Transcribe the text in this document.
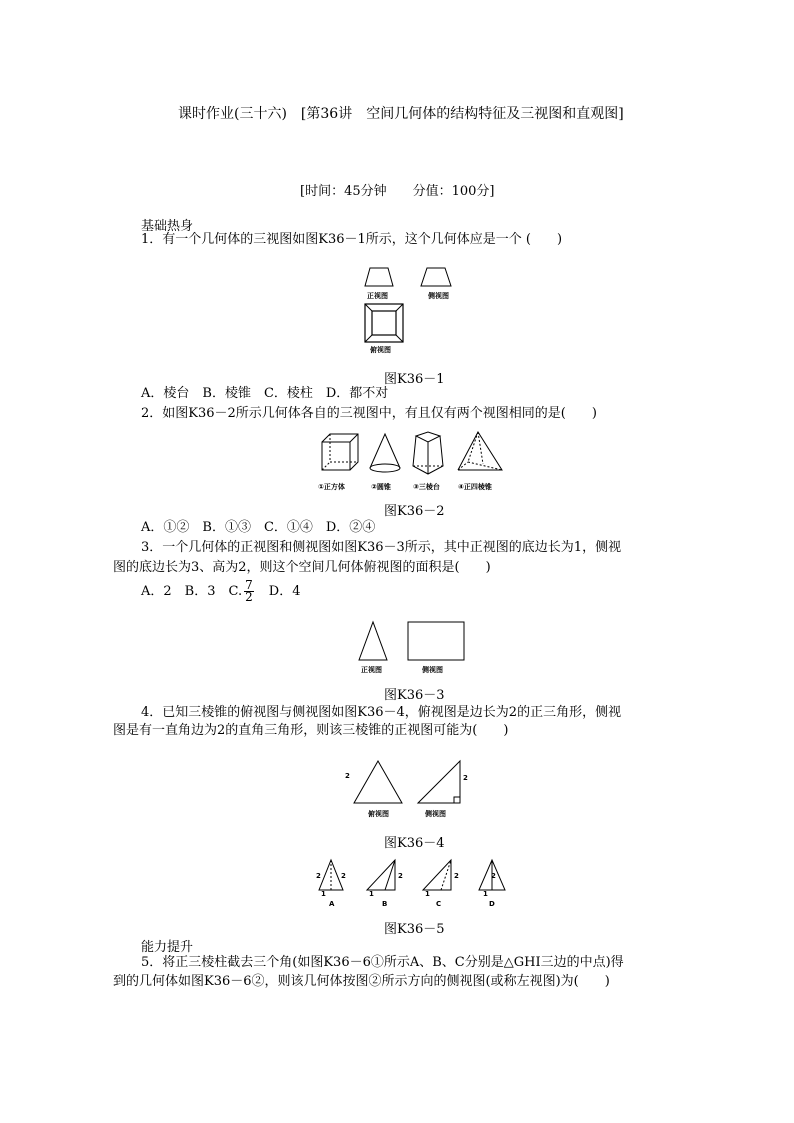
课时作业(三十六)　[第36讲　空间几何体的结构特征及三视图和直观图]
[时间：45分钟　　分值：100分]
基础热身
1．有一个几何体的三视图如图K36－1所示，这个几何体应是一个 (　　)
正视图	侧视图
俯视图
图K36－1
A．棱台　B．棱锥　C．棱柱　D．都不对
2．如图K36－2所示几何体各自的三视图中，有且仅有两个视图相同的是(　　)
①正方体	②圆锥	③三棱台	④正四棱锥
图K36－2
A．①②　B．①③　C．①④　D．②④
3．一个几何体的正视图和侧视图如图K36－3所示，其中正视图的底边长为1，侧视
图的底边长为3、高为2，则这个空间几何体俯视图的面积是(　　)
A．2　B．3　C. $\frac{7}{2}$
　 D．4
正视图	侧视图
图K36－3
4．已知三棱锥的俯视图与侧视图如图K36－4，俯视图是边长为2的正三角形，侧视
图是有一直角边为2的直角三角形，则该三棱锥的正视图可能为(　　)
2	2
俯视图	侧视图
图K36－4
2	2	2	2	2
1	1	1	1
A	B	C	D
图K36－5
能力提升
5．将正三棱柱截去三个角(如图K36－6①所示A、B、C分别是△GHI三边的中点)得
到的几何体如图K36－6②，则该几何体按图②所示方向的侧视图(或称左视图)为(　　)
